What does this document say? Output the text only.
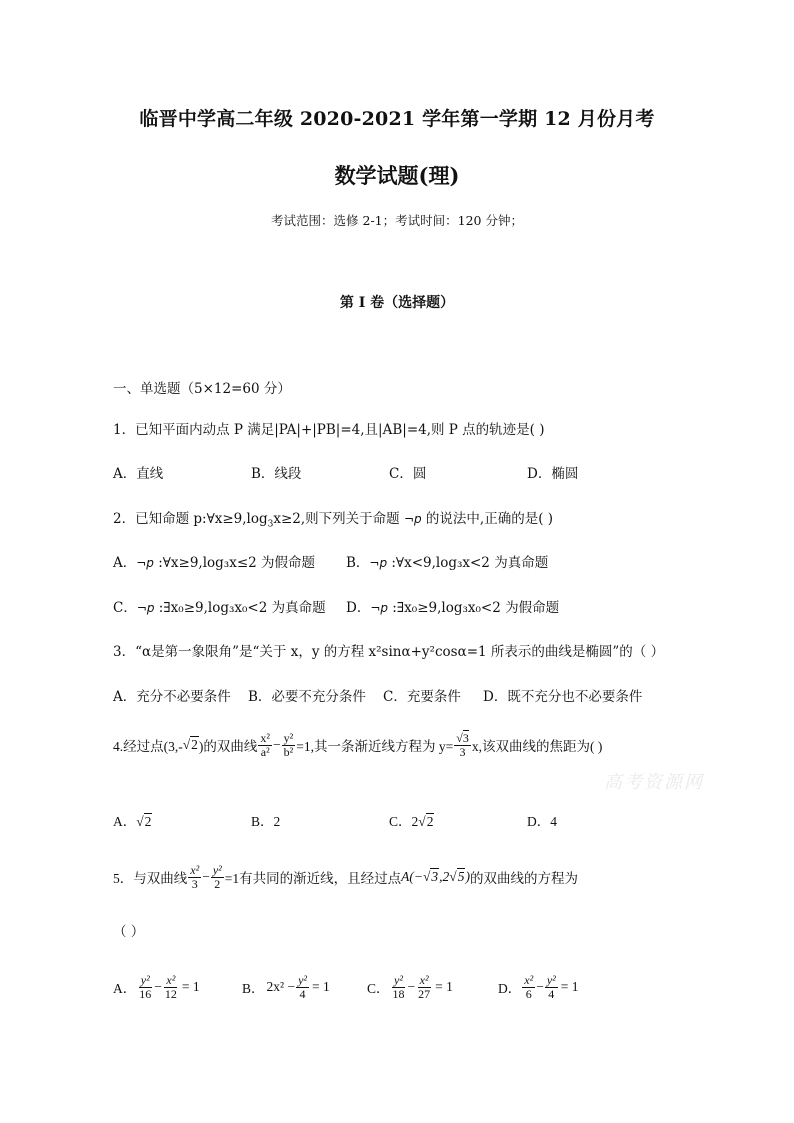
临晋中学高二年级 2020-2021 学年第一学期 12 月份月考
数学试题(理)
考试范围：选修 2-1；考试时间：120 分钟；
第 I 卷（选择题）
一、单选题（5×12=60 分）
1．已知平面内动点 P 满足|PA|+|PB|=4,且|AB|=4,则 P 点的轨迹是( )
A．直线	B．线段	C．圆	D．椭圆
2．已知命题 $p:\forall x\ge 9,\log_3x\ge 2$,则下列关于命题 ¬p 的说法中,正确的是( )
A．¬p :∀x≥9,log₃x≤2 为假命题 B．¬p :∀x<9,log₃x<2 为真命题
C．¬p :∃x₀≥9,log₃x₀<2 为真命题 D．¬p :∃x₀≥9,log₃x₀<2 为假命题
3．“α是第一象限角”是“关于 x，y 的方程 x²sinα+y²cosα=1 所表示的曲线是椭圆”的（ ）
A．充分不必要条件 B．必要不充分条件 C．充要条件 D．既不充分也不必要条件
4.经过点(3,- √2 )的双曲线 $\frac{\text{x²}}{\text{a²}} - \frac{\text{y²}}{\text{b²}} =1$,其一条渐近线方程为 $y= \frac{√3}{3} x$,该双曲线的焦距为( )
A．√2	B．2	C．2√2	D．4
高考资源网
5．与双曲线 $\frac{\text{x²}}{3} - \frac{\text{y²}}{2} =1$有共同的渐近线，且经过点 A(−√3,2√5) 的双曲线的方程为
（ ）
A． $\frac{\text{y²}}{16} - \frac{\text{x²}}{12} = 1$	B． $2x^2 - \frac{\text{y²}}{4} = 1$	C． $\frac{\text{y²}}{18} - \frac{\text{x²}}{27} = 1$	D． $\frac{\text{x²}}{6} - \frac{\text{y²}}{4} = 1$
